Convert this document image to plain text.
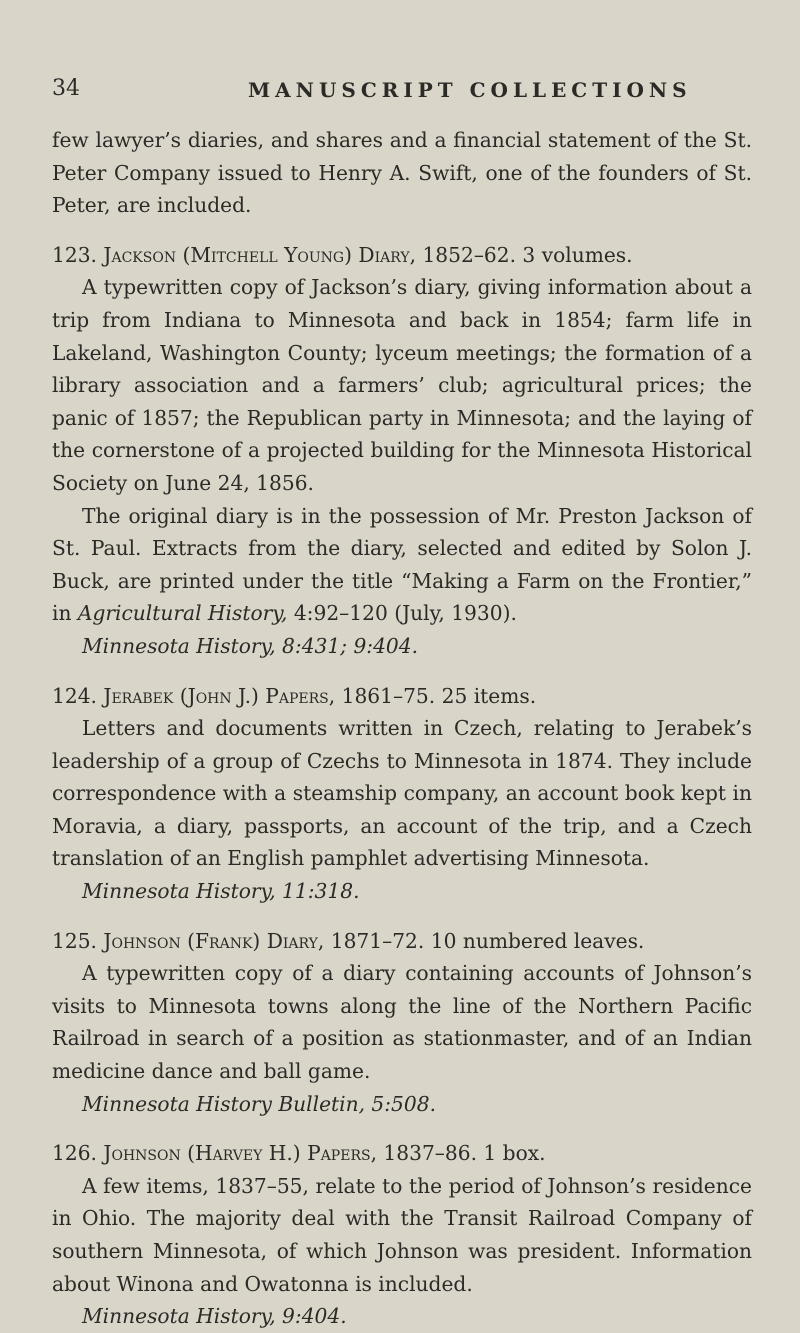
34	MANUSCRIPT COLLECTIONS

few lawyer’s diaries, and shares and a financial statement of the St. Peter Company issued to Henry A. Swift, one of the founders of St. Peter, are included.

123. Jackson (Mitchell Young) Diary, 1852–62. 3 volumes.

A typewritten copy of Jackson’s diary, giving information about a trip from Indiana to Minnesota and back in 1854; farm life in Lakeland, Washington County; lyceum meetings; the formation of a library association and a farmers’ club; agricultural prices; the panic of 1857; the Republican party in Minnesota; and the laying of the cornerstone of a projected building for the Minnesota Historical Society on June 24, 1856.

The original diary is in the possession of Mr. Preston Jackson of St. Paul. Extracts from the diary, selected and edited by Solon J. Buck, are printed under the title “Making a Farm on the Frontier,” in Agricultural History, 4:92–120 (July, 1930).

Minnesota History, 8:431; 9:404.

124. Jerabek (John J.) Papers, 1861–75. 25 items.

Letters and documents written in Czech, relating to Jerabek’s leadership of a group of Czechs to Minnesota in 1874. They include correspondence with a steamship company, an account book kept in Moravia, a diary, passports, an account of the trip, and a Czech translation of an English pamphlet advertising Minnesota.

Minnesota History, 11:318.

125. Johnson (Frank) Diary, 1871–72. 10 numbered leaves.

A typewritten copy of a diary containing accounts of Johnson’s visits to Minnesota towns along the line of the Northern Pacific Railroad in search of a position as stationmaster, and of an Indian medicine dance and ball game.

Minnesota History Bulletin, 5:508.

126. Johnson (Harvey H.) Papers, 1837–86. 1 box.

A few items, 1837–55, relate to the period of Johnson’s residence in Ohio. The majority deal with the Transit Railroad Company of southern Minnesota, of which Johnson was president. Information about Winona and Owatonna is included.

Minnesota History, 9:404.
